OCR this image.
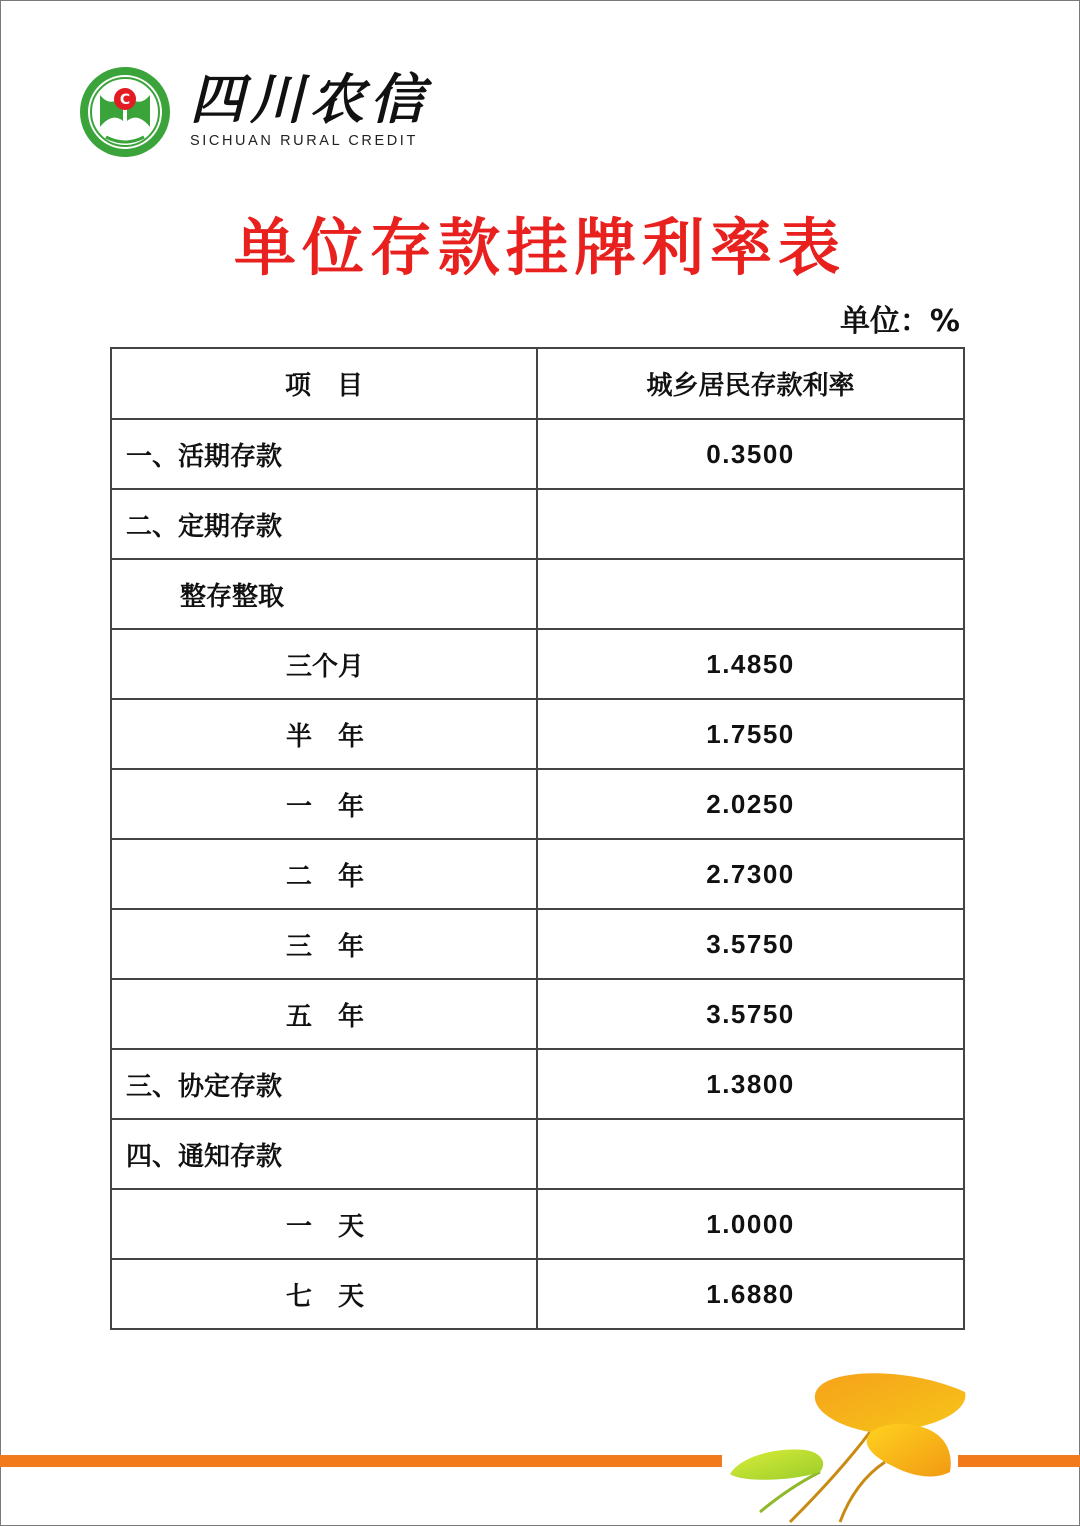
C 四川农信
SICHUAN RURAL CREDIT
单位存款挂牌利率表
单位：%
项　目	城乡居民存款利率
一、活期存款	0.3500
二、定期存款	
整存整取	
三个月	1.4850
半　年	1.7550
一　年	2.0250
二　年	2.7300
三　年	3.5750
五　年	3.5750
三、协定存款	1.3800
四、通知存款	
一　天	1.0000
七　天	1.6880
